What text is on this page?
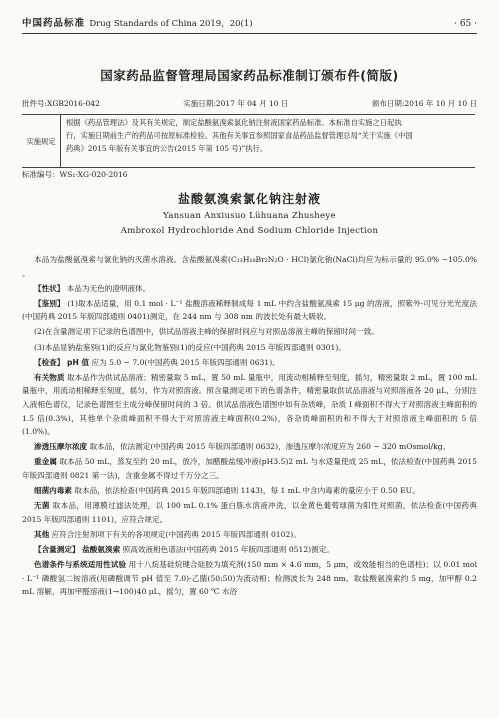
中国药品标准 Drug Standards of China 2019，20(1)	· 65 ·
国家药品监督管理局国家药品标准制订颁布件(简版)
批件号:XGB2016-042	实施日期:2017 年 04 月 10 日	颁布日期:2016 年 10 月 10 日
实施规定
根据《药品管理法》及其有关规定，制定盐酸氨溴索氯化钠注射液国家药品标准。本标准自实施之日起执
行，实施日期前生产的药品可按原标准检验。其他有关事宜参照国家食品药品监督管理总局“关于实施《中国
药典》2015 年版有关事宜的公告(2015 年第 105 号)”执行。
标准编号：WS₁-XG-020-2016
盐酸氨溴索氯化钠注射液
Yansuan Anxiusuo Lühuana Zhusheye
Ambroxol Hydrochloride And Sodium Chloride Injection

本品为盐酸氨溴索与氯化钠的灭菌水溶液。含盐酸氨溴索(C₁₃H₁₈Br₂N₂O · HCl)氯化钠(NaCl)均应为标示量的 95.0% ~105.0% 。

【性状】 本品为无色的澄明液体。

【鉴别】 (1)取本品适量，用 0.1 mol · L⁻¹ 盐酸溶液稀释制成每 1 mL 中约含盐酸氨溴索 15 μg 的溶液，照紫外-可见分光光度法(中国药典 2015 年版四部通则 0401)测定，在 244 nm 与 308 nm 的波长处有最大吸收。

(2)在含量测定项下记录的色谱图中，供试品溶液主峰的保留时间应与对照品溶液主峰的保留时间一致。

(3)本品显钠盐鉴别(1)的反应与氯化物鉴别(1)的反应(中国药典 2015 年版四部通则 0301)。

【检查】 pH 值 应为 5.0 ~ 7.0(中国药典 2015 年版四部通则 0631)。

有关物质 取本品作为供试品溶液；精密量取 5 mL，置 50 mL 量瓶中，用流动相稀释至刻度，摇匀，精密量取 2 mL，置 100 mL 量瓶中，用流动相稀释至刻度，摇匀，作为对照溶液。照含量测定项下的色谱条件，精密量取供试品溶液与对照溶液各 20 μL，分别注入液相色谱仪，记录色谱图至主成分峰保留时间的 3 倍。供试品溶液色谱图中如有杂质峰，杂质 I 峰面积不得大于对照溶液主峰面积的 1.5 倍(0.3%)，其他单个杂质峰面积不得大于对照溶液主峰面积(0.2%)，各杂质峰面积的和不得大于对照溶液主峰面积的 5 倍(1.0%)。

渗透压摩尔浓度 取本品，依法测定(中国药典 2015 年版四部通则 0632)，渗透压摩尔浓度应为 260 ~ 320 mOsmol/kg。

重金属 取本品 50 mL，蒸发至约 20 mL，放冷，加醋酸盐缓冲液(pH3.5)2 mL 与水适量使成 25 mL，依法检查(中国药典 2015 年版四部通则 0821 第一法)，含重金属不得过千万分之三。

细菌内毒素 取本品，依法检查(中国药典 2015 年版四部通则 1143)，每 1 mL 中含内毒素的量应小于 0.50 EU。

无菌 取本品，用薄膜过滤法处理，以 100 mL 0.1% 蛋白胨水溶液冲洗，以金黄色葡萄球菌为阳性对照菌，依法检查(中国药典 2015 年版四部通则 1101)，应符合规定。

其他 应符合注射剂项下有关的各项规定(中国药典 2015 年版四部通则 0102)。

【含量测定】 盐酸氨溴索 照高效液相色谱法(中国药典 2015 年版四部通则 0512)测定。

色谱条件与系统适用性试验 用十八烷基硅烷键合硅胶为填充剂(150 mm × 4.6 mm，5 μm，或效能相当的色谱柱)；以 0.01 mol · L⁻¹ 磷酸氢二铵溶液(用磷酸调节 pH 值至 7.0)-乙腈(50:50)为流动相；检测波长为 248 nm。取盐酸氨溴索约 5 mg，加甲醇 0.2 mL 溶解，再加甲醛溶液(1→100)40 μL，摇匀，置 60 ℃ 水浴
